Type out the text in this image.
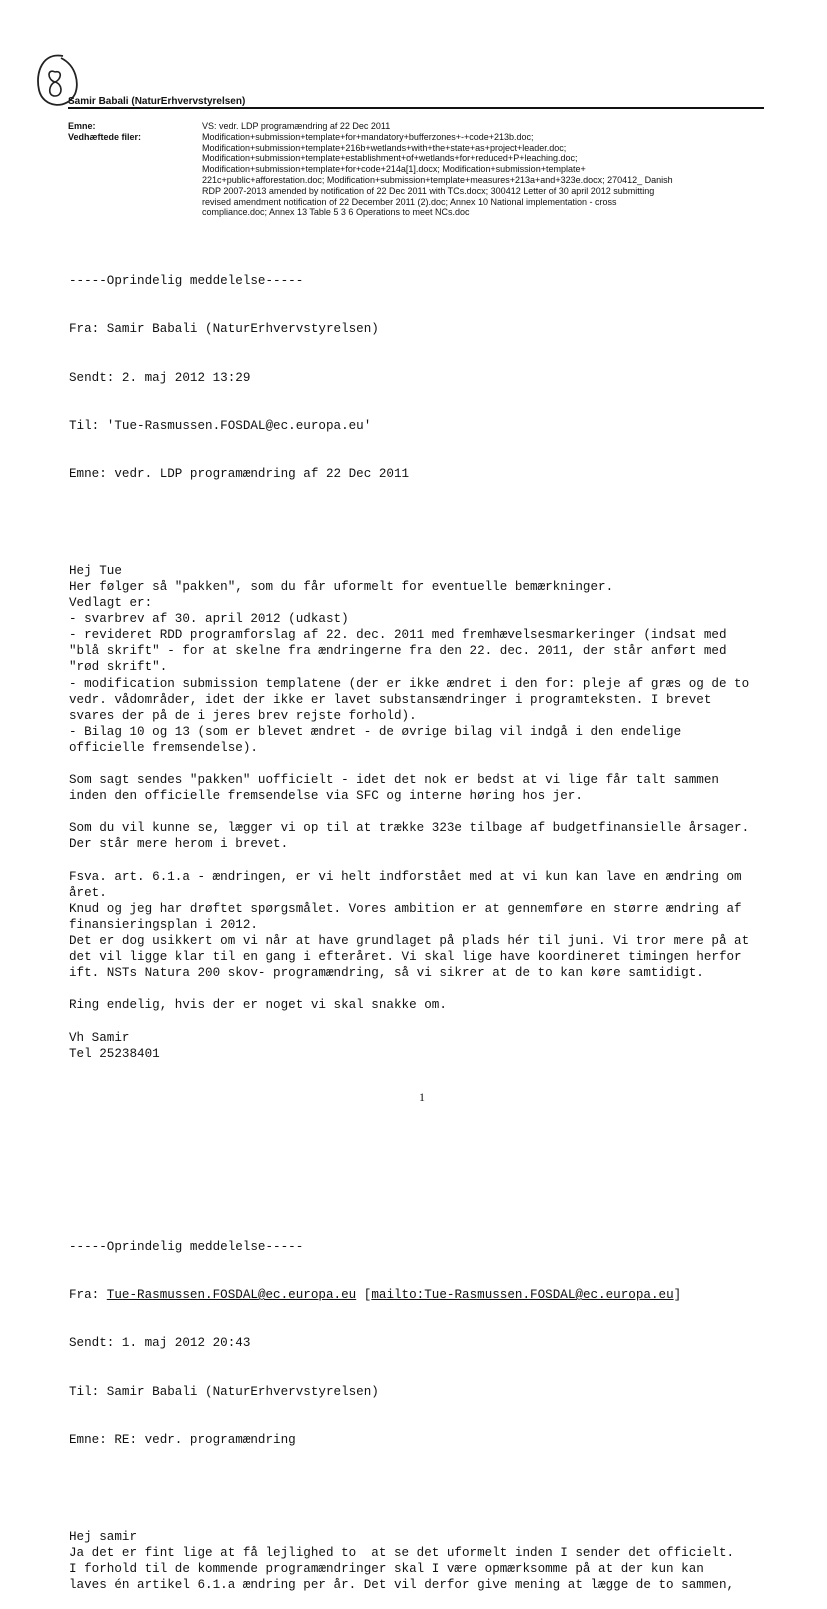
Samir Babali (NaturErhvervstyrelsen)
Emne:
Vedhæftede filer:
VS: vedr. LDP programændring af 22 Dec 2011
Modification+submission+template+for+mandatory+bufferzones+-+code+213b.doc;
Modification+submission+template+216b+wetlands+with+the+state+as+project+leader.doc;
Modification+submission+template+establishment+of+wetlands+for+reduced+P+leaching.doc;
Modification+submission+template+for+code+214a[1].docx; Modification+submission+template+
221c+public+afforestation.doc; Modification+submission+template+measures+213a+and+323e.docx; 270412_ Danish
RDP 2007-2013 amended by notification of 22 Dec 2011 with TCs.docx; 300412 Letter of 30 april 2012 submitting
revised amendment notification of 22 December 2011 (2).doc; Annex 10 National implementation - cross
compliance.doc; Annex 13 Table 5 3 6 Operations to meet NCs.doc

-----Oprindelig meddelelse-----

Fra: Samir Babali (NaturErhvervstyrelsen)

Sendt: 2. maj 2012 13:29

Til: 'Tue-Rasmussen.FOSDAL@ec.europa.eu'

Emne: vedr. LDP programændring af 22 Dec 2011

Hej Tue
Her følger så "pakken", som du får uformelt for eventuelle bemærkninger.
Vedlagt er:
- svarbrev af 30. april 2012 (udkast)
- revideret RDD programforslag af 22. dec. 2011 med fremhævelsesmarkeringer (indsat med
"blå skrift" - for at skelne fra ændringerne fra den 22. dec. 2011, der står anført med
"rød skrift".
- modification submission templatene (der er ikke ændret i den for: pleje af græs og de to
vedr. vådområder, idet der ikke er lavet substansændringer i programteksten. I brevet
svares der på de i jeres brev rejste forhold).
- Bilag 10 og 13 (som er blevet ændret - de øvrige bilag vil indgå i den endelige
officielle fremsendelse).
Som sagt sendes "pakken" uofficielt - idet det nok er bedst at vi lige får talt sammen
inden den officielle fremsendelse via SFC og interne høring hos jer.
Som du vil kunne se, lægger vi op til at trække 323e tilbage af budgetfinansielle årsager.
Der står mere herom i brevet.
Fsva. art. 6.1.a - ændringen, er vi helt indforstået med at vi kun kan lave en ændring om
året.
Knud og jeg har drøftet spørgsmålet. Vores ambition er at gennemføre en større ændring af
finansieringsplan i 2012.
Det er dog usikkert om vi når at have grundlaget på plads hér til juni. Vi tror mere på at
det vil ligge klar til en gang i efteråret. Vi skal lige have koordineret timingen herfor
ift. NSTs Natura 200 skov- programændring, så vi sikrer at de to kan køre samtidigt.
Ring endelig, hvis der er noget vi skal snakke om.
Vh Samir
Tel 25238401

-----Oprindelig meddelelse-----

Fra: Tue-Rasmussen.FOSDAL@ec.europa.eu [mailto:Tue-Rasmussen.FOSDAL@ec.europa.eu]

Sendt: 1. maj 2012 20:43

Til: Samir Babali (NaturErhvervstyrelsen)

Emne: RE: vedr. programændring

Hej samir
Ja det er fint lige at få lejlighed to  at se det uformelt inden I sender det officielt.
I forhold til de kommende programændringer skal I være opmærksomme på at der kun kan
laves én artikel 6.1.a ændring per år. Det vil derfor give mening at lægge de to sammen,

1
